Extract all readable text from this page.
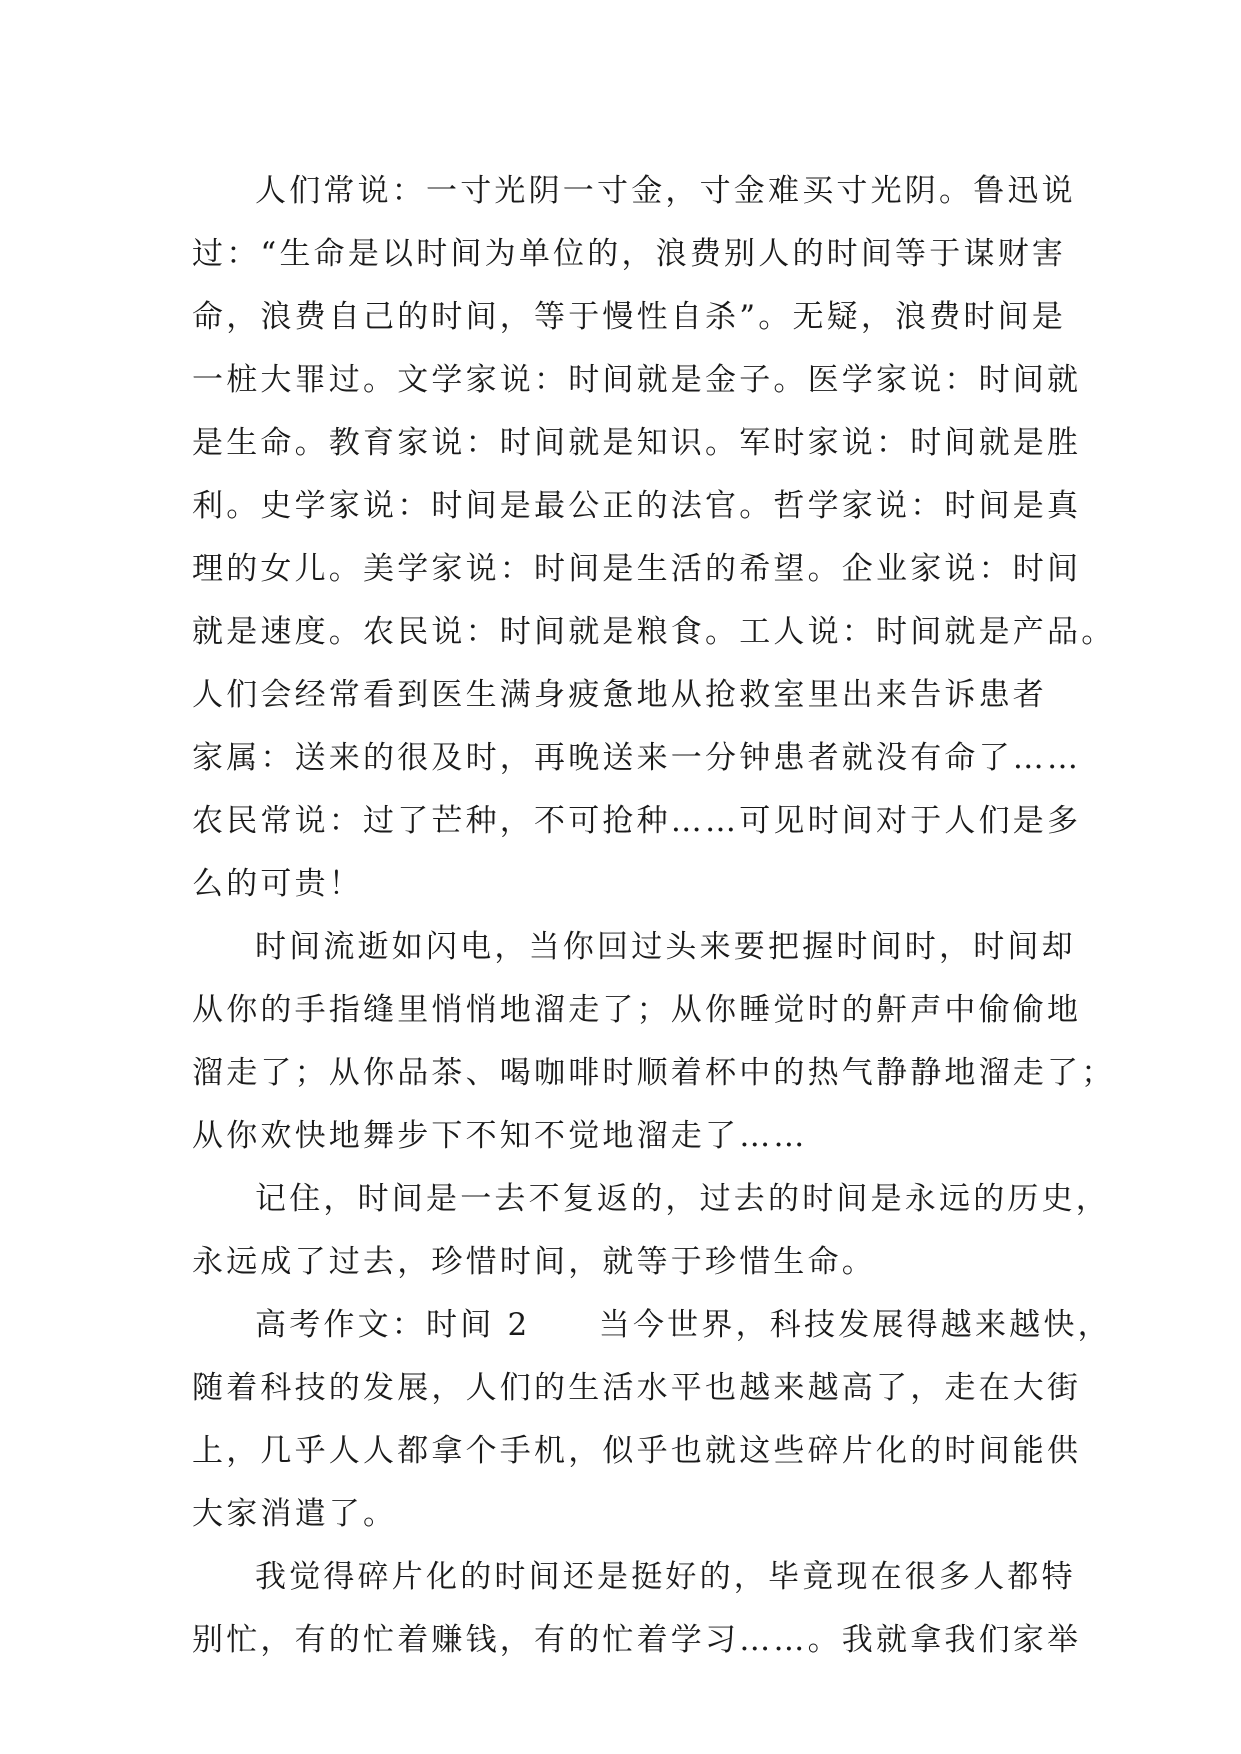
人们常说：一寸光阴一寸金，寸金难买寸光阴。鲁迅说
过：“生命是以时间为单位的，浪费别人的时间等于谋财害
命，浪费自己的时间，等于慢性自杀”。无疑，浪费时间是
一桩大罪过。文学家说：时间就是金子。医学家说：时间就
是生命。教育家说：时间就是知识。军时家说：时间就是胜
利。史学家说：时间是最公正的法官。哲学家说：时间是真
理的女儿。美学家说：时间是生活的希望。企业家说：时间
就是速度。农民说：时间就是粮食。工人说：时间就是产品。
人们会经常看到医生满身疲惫地从抢救室里出来告诉患者
家属：送来的很及时，再晚送来一分钟患者就没有命了……
农民常说：过了芒种，不可抢种……可见时间对于人们是多
么的可贵！
时间流逝如闪电，当你回过头来要把握时间时，时间却
从你的手指缝里悄悄地溜走了；从你睡觉时的鼾声中偷偷地
溜走了；从你品茶、喝咖啡时顺着杯中的热气静静地溜走了；
从你欢快地舞步下不知不觉地溜走了……
记住，时间是一去不复返的，过去的时间是永远的历史，
永远成了过去，珍惜时间，就等于珍惜生命。
高考作文：时间 2　　当今世界，科技发展得越来越快，
随着科技的发展，人们的生活水平也越来越高了，走在大街
上，几乎人人都拿个手机，似乎也就这些碎片化的时间能供
大家消遣了。
我觉得碎片化的时间还是挺好的，毕竟现在很多人都特
别忙，有的忙着赚钱，有的忙着学习……。我就拿我们家举
